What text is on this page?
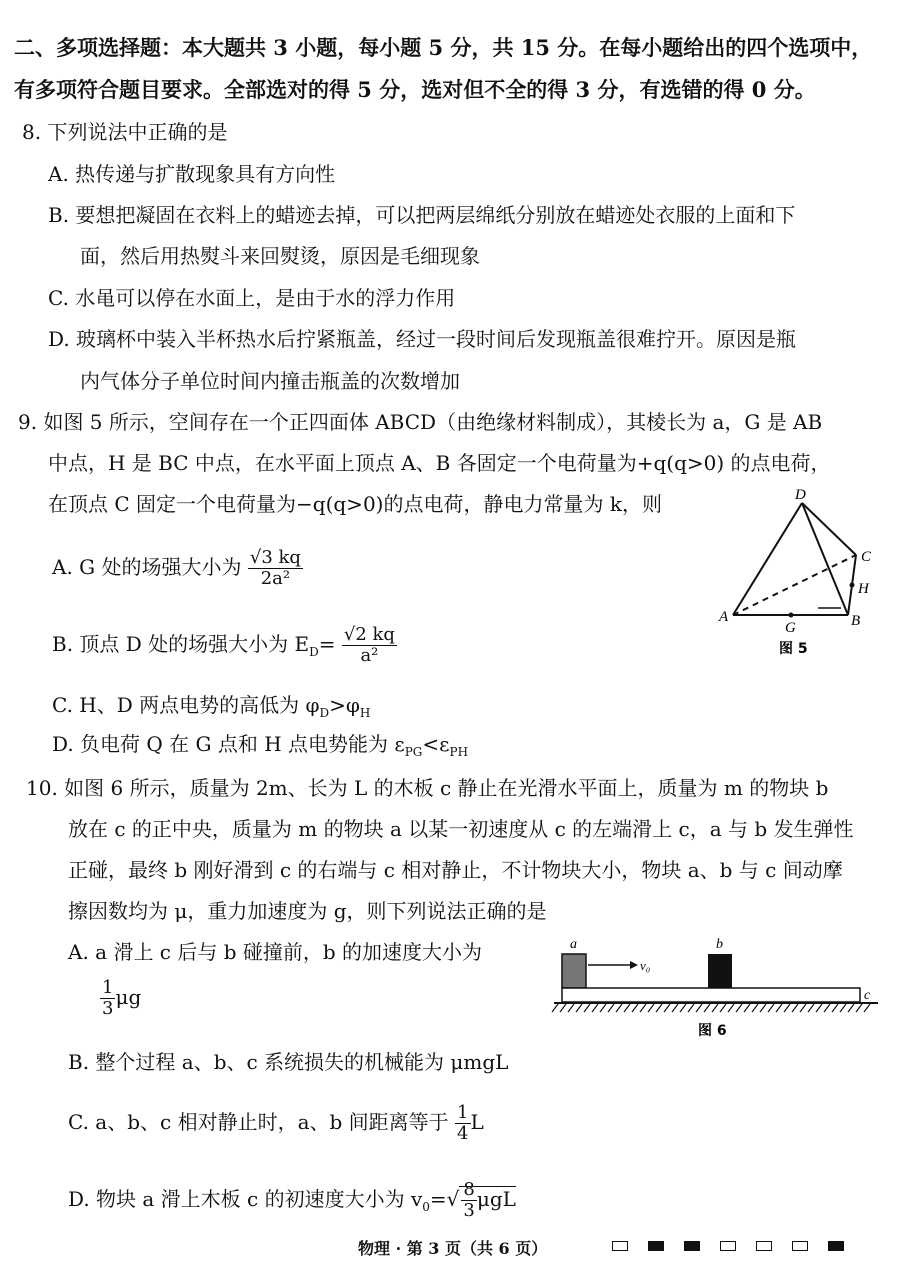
二、多项选择题：本大题共 3 小题，每小题 5 分，共 15 分。在每小题给出的四个选项中，
有多项符合题目要求。全部选对的得 5 分，选对但不全的得 3 分，有选错的得 0 分。
8. 下列说法中正确的是
A. 热传递与扩散现象具有方向性
B. 要想把凝固在衣料上的蜡迹去掉，可以把两层绵纸分别放在蜡迹处衣服的上面和下
面，然后用热熨斗来回熨烫，原因是毛细现象
C. 水黾可以停在水面上，是由于水的浮力作用
D. 玻璃杯中装入半杯热水后拧紧瓶盖，经过一段时间后发现瓶盖很难拧开。原因是瓶
内气体分子单位时间内撞击瓶盖的次数增加
9. 如图 5 所示，空间存在一个正四面体 ABCD（由绝缘材料制成），其棱长为 a，G 是 AB
中点，H 是 BC 中点，在水平面上顶点 A、B 各固定一个电荷量为+q(q>0) 的点电荷，
在顶点 C 固定一个电荷量为−q(q>0)的点电荷，静电力常量为 k，则
A. G 处的场强大小为 $\frac{√3 kq}{\text{2a²}}$
B. 顶点 D 处的场强大小为 $E_D= \frac{√2 kq}{\text{a²}}$
C. H、D 两点电势的高低为 $\varphi_D>\varphi_H$
D. 负电荷 Q 在 G 点和 H 点电势能为 $\varepsilon_{PG}<\varepsilon_{PH}$
D
C
H
B
A
G
图 5
10. 如图 6 所示，质量为 2m、长为 L 的木板 c 静止在光滑水平面上，质量为 m 的物块 b
放在 c 的正中央，质量为 m 的物块 a 以某一初速度从 c 的左端滑上 c，a 与 b 发生弹性
正碰，最终 b 刚好滑到 c 的右端与 c 相对静止，不计物块大小，物块 a、b 与 c 间动摩
擦因数均为 μ，重力加速度为 g，则下列说法正确的是
A. a 滑上 c 后与 b 碰撞前，b 的加速度大小为
$\frac{1}{3}$ μg
B. 整个过程 a、b、c 系统损失的机械能为 μmgL
C. a、b、c 相对静止时，a、b 间距离等于 $\frac{1}{4}$ L
D. 物块 a 滑上木板 c 的初速度大小为 $v_0=√ \frac{8}{3}$ μgL
a	b
c
v₀
图 6
物理 · 第 3 页（共 6 页）
